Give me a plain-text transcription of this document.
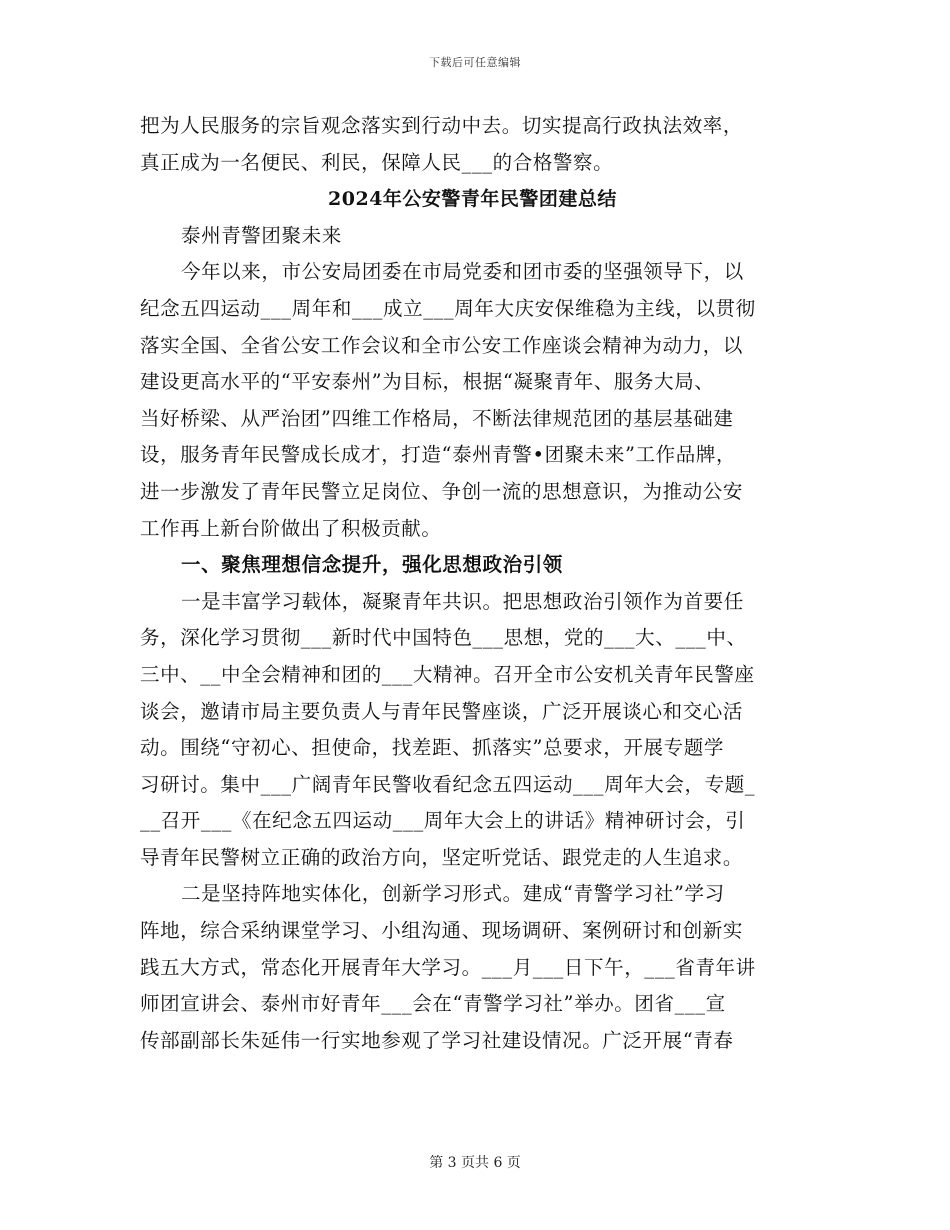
下载后可任意编辑
把为人民服务的宗旨观念落实到行动中去。切实提高行政执法效率，
真正成为一名便民、利民，保障人民___的合格警察。
2024年公安警青年民警团建总结
泰州青警团聚未来
今年以来，市公安局团委在市局党委和团市委的坚强领导下，以
纪念五四运动___周年和___成立___周年大庆安保维稳为主线，以贯彻
落实全国、全省公安工作会议和全市公安工作座谈会精神为动力，以
建设更高水平的“平安泰州”为目标，根据“凝聚青年、服务大局、
当好桥梁、从严治团”四维工作格局，不断法律规范团的基层基础建
设，服务青年民警成长成才，打造“泰州青警•团聚未来”工作品牌，
进一步激发了青年民警立足岗位、争创一流的思想意识，为推动公安
工作再上新台阶做出了积极贡献。
一、聚焦理想信念提升，强化思想政治引领
一是丰富学习载体，凝聚青年共识。把思想政治引领作为首要任
务，深化学习贯彻___新时代中国特色___思想，党的___大、___中、
三中、__中全会精神和团的___大精神。召开全市公安机关青年民警座
谈会，邀请市局主要负责人与青年民警座谈，广泛开展谈心和交心活
动。围绕“守初心、担使命，找差距、抓落实”总要求，开展专题学
习研讨。集中___广阔青年民警收看纪念五四运动___周年大会，专题_
__召开___《在纪念五四运动___周年大会上的讲话》精神研讨会，引
导青年民警树立正确的政治方向，坚定听党话、跟党走的人生追求。
二是坚持阵地实体化，创新学习形式。建成“青警学习社”学习
阵地，综合采纳课堂学习、小组沟通、现场调研、案例研讨和创新实
践五大方式，常态化开展青年大学习。___月___日下午，___省青年讲
师团宣讲会、泰州市好青年___会在“青警学习社”举办。团省___宣
传部副部长朱延伟一行实地参观了学习社建设情况。广泛开展“青春
第 3 页共 6 页
